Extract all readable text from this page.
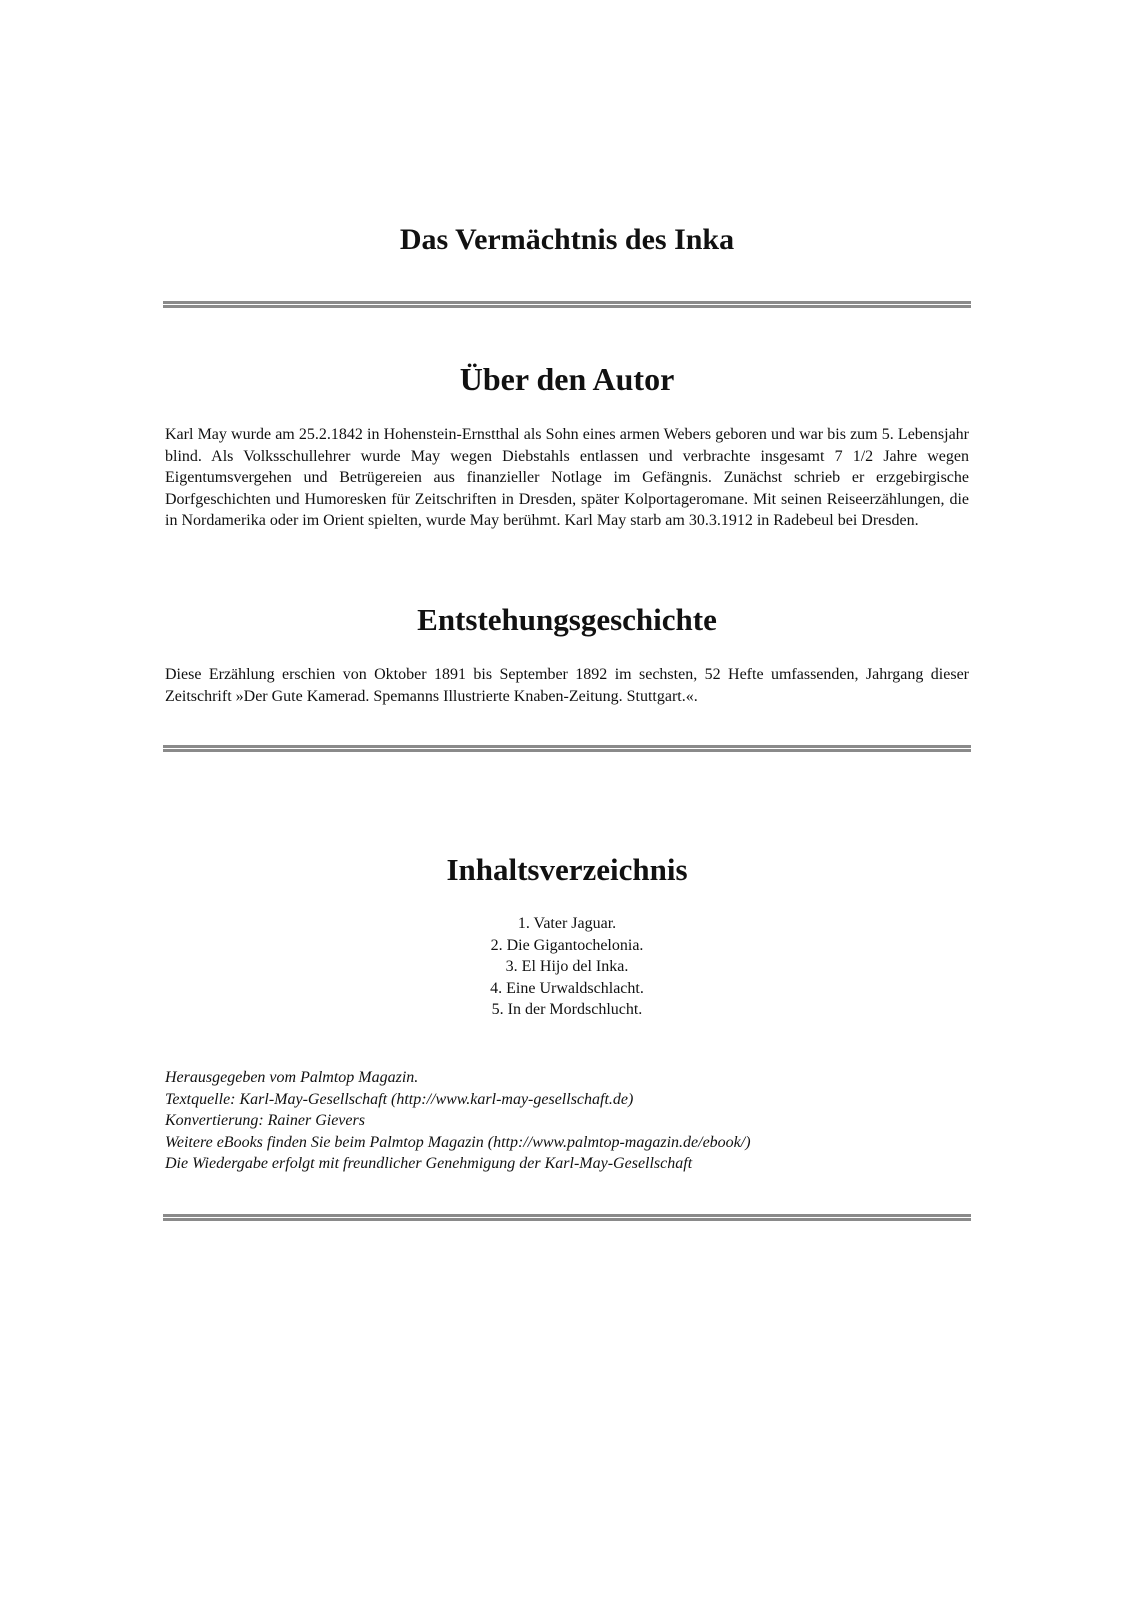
Das Vermächtnis des Inka
Über den Autor

Karl May wurde am 25.2.1842 in Hohenstein-Ernstthal als Sohn eines armen Webers geboren und war bis zum 5. Lebensjahr blind. Als Volksschullehrer wurde May wegen Diebstahls entlassen und verbrachte insgesamt 7 1/2 Jahre wegen Eigentumsvergehen und Betrügereien aus finanzieller Notlage im Gefängnis. Zunächst schrieb er erzgebirgische Dorfgeschichten und Humoresken für Zeitschriften in Dresden, später Kolportageromane. Mit seinen Reiseerzählungen, die in Nordamerika oder im Orient spielten, wurde May berühmt. Karl May starb am 30.3.1912 in Radebeul bei Dresden.

Entstehungsgeschichte

Diese Erzählung erschien von Oktober 1891 bis September 1892 im sechsten, 52 Hefte umfassenden, Jahrgang dieser Zeitschrift »Der Gute Kamerad. Spemanns Illustrierte Knaben-Zeitung. Stuttgart.«.

Inhaltsverzeichnis
1. Vater Jaguar.
2. Die Gigantochelonia.
3. El Hijo del Inka.
4. Eine Urwaldschlacht.
5. In der Mordschlucht.
Herausgegeben vom Palmtop Magazin.
Textquelle: Karl-May-Gesellschaft (http://www.karl-may-gesellschaft.de)
Konvertierung: Rainer Gievers
Weitere eBooks finden Sie beim Palmtop Magazin (http://www.palmtop-magazin.de/ebook/)
Die Wiedergabe erfolgt mit freundlicher Genehmigung der Karl-May-Gesellschaft
